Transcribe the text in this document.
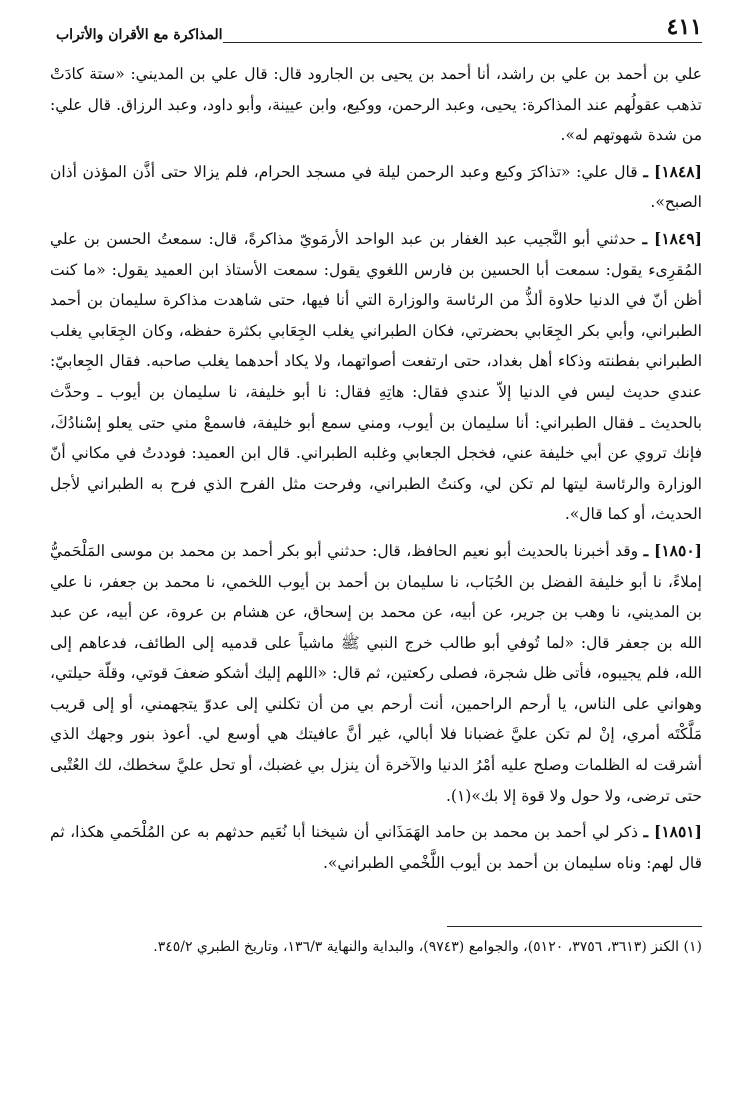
٤١١
المذاكرة مع الأقران والأتراب

علي بن أحمد بن علي بن راشد، أنا أحمد بن يحيى بن الجارود قال: قال علي بن المديني: «ستة كادَتْ تذهب عقولُهم عند المذاكرة: يحيى، وعبد الرحمن، ووكيع، وابن عيينة، وأبو داود، وعبد الرزاق. قال علي: من شدة شهوتهم له».

[١٨٤٨] ـ قال علي: «تذاكرَ وكيع وعبد الرحمن ليلة في مسجد الحرام، فلم يزالا حتى أذَّن المؤذن أذان الصبح».

[١٨٤٩] ـ حدثني أبو النَّجيب عبد الغفار بن عبد الواحد الأرمَويّ مذاكرةً، قال: سمعتُ الحسن بن علي المُقرِىء يقول: سمعت أبا الحسين بن فارس اللغوي يقول: سمعت الأستاذ ابن العميد يقول: «ما كنت أظن أنّ في الدنيا حلاوة ألذُّ من الرئاسة والوزارة التي أنا فيها، حتى شاهدت مذاكرة سليمان بن أحمد الطبراني، وأبي بكر الجِعَابي بحضرتي، فكان الطبراني يغلب الجِعَابي بكثرة حفظه، وكان الجِعَابي يغلب الطبراني بفطنته وذكاء أهل بغداد، حتى ارتفعت أصواتهما، ولا يكاد أحدهما يغلب صاحبه. فقال الجِعابيّ: عندي حديث ليس في الدنيا إلاّ عندي فقال: هاتِهِ فقال: نا أبو خليفة، نا سليمان بن أيوب ـ وحدَّث بالحديث ـ فقال الطبراني: أنا سليمان بن أيوب، ومني سمع أبو خليفة، فاسمعْ مني حتى يعلو إسْنادُكَ، فإنك تروي عن أبي خليفة عني، فخجل الجعابي وغلبه الطبراني. قال ابن العميد: فوددتُ في مكاني أنّ الوزارة والرئاسة ليتها لم تكن لي، وكنتُ الطبراني، وفرحت مثل الفرح الذي فرح به الطبراني لأجل الحديث، أو كما قال».

[١٨٥٠] ـ وقد أخبرنا بالحديث أبو نعيم الحافظ، قال: حدثني أبو بكر أحمد بن محمد بن موسى المَلْحَميُّ إملاءً، نا أبو خليفة الفضل بن الحُبَاب، نا سليمان بن أحمد بن أيوب اللخمي، نا محمد بن جعفر، نا علي بن المديني، نا وهب بن جرير، عن أبيه، عن محمد بن إسحاق، عن هشام بن عروة، عن أبيه، عن عبد الله بن جعفر قال: «لما تُوفي أبو طالب خرج النبي ﷺ ماشياً على قدميه إلى الطائف، فدعاهم إلى الله، فلم يجيبوه، فأتى ظل شجرة، فصلى ركعتين، ثم قال: «اللهم إليك أشكو ضعفَ قوتي، وقلّة حيلتي، وهواني على الناس، يا أرحم الراحمين، أنت أرحم بي من أن تكلني إلى عدوّ يتجهمني، أو إلى قريب مَلَّكْتَه أمري، إنْ لم تكن عليَّ غضبانا فلا أبالي، غير أنَّ عافيتك هي أوسع لي. أعوذ بنور وجهك الذي أشرقت له الظلمات وصلح عليه أمْرُ الدنيا والآخرة أن ينزل بي غضبك، أو تحل عليَّ سخطك، لك العُتْبى حتى ترضى، ولا حول ولا قوة إلا بك»(١).

[١٨٥١] ـ ذكر لي أحمد بن محمد بن حامد الهَمَذَاني أن شيخنا أبا نُعَيم حدثهم به عن المُلْحَمي هكذا، ثم قال لهم: وناه سليمان بن أحمد بن أيوب اللَّخْمي الطبراني».

(١) الكنز (٣٦١٣، ٣٧٥٦، ٥١٢٠)، والجوامع (٩٧٤٣)، والبداية والنهاية ١٣٦/٣، وتاريخ الطبري ٣٤٥/٢.
